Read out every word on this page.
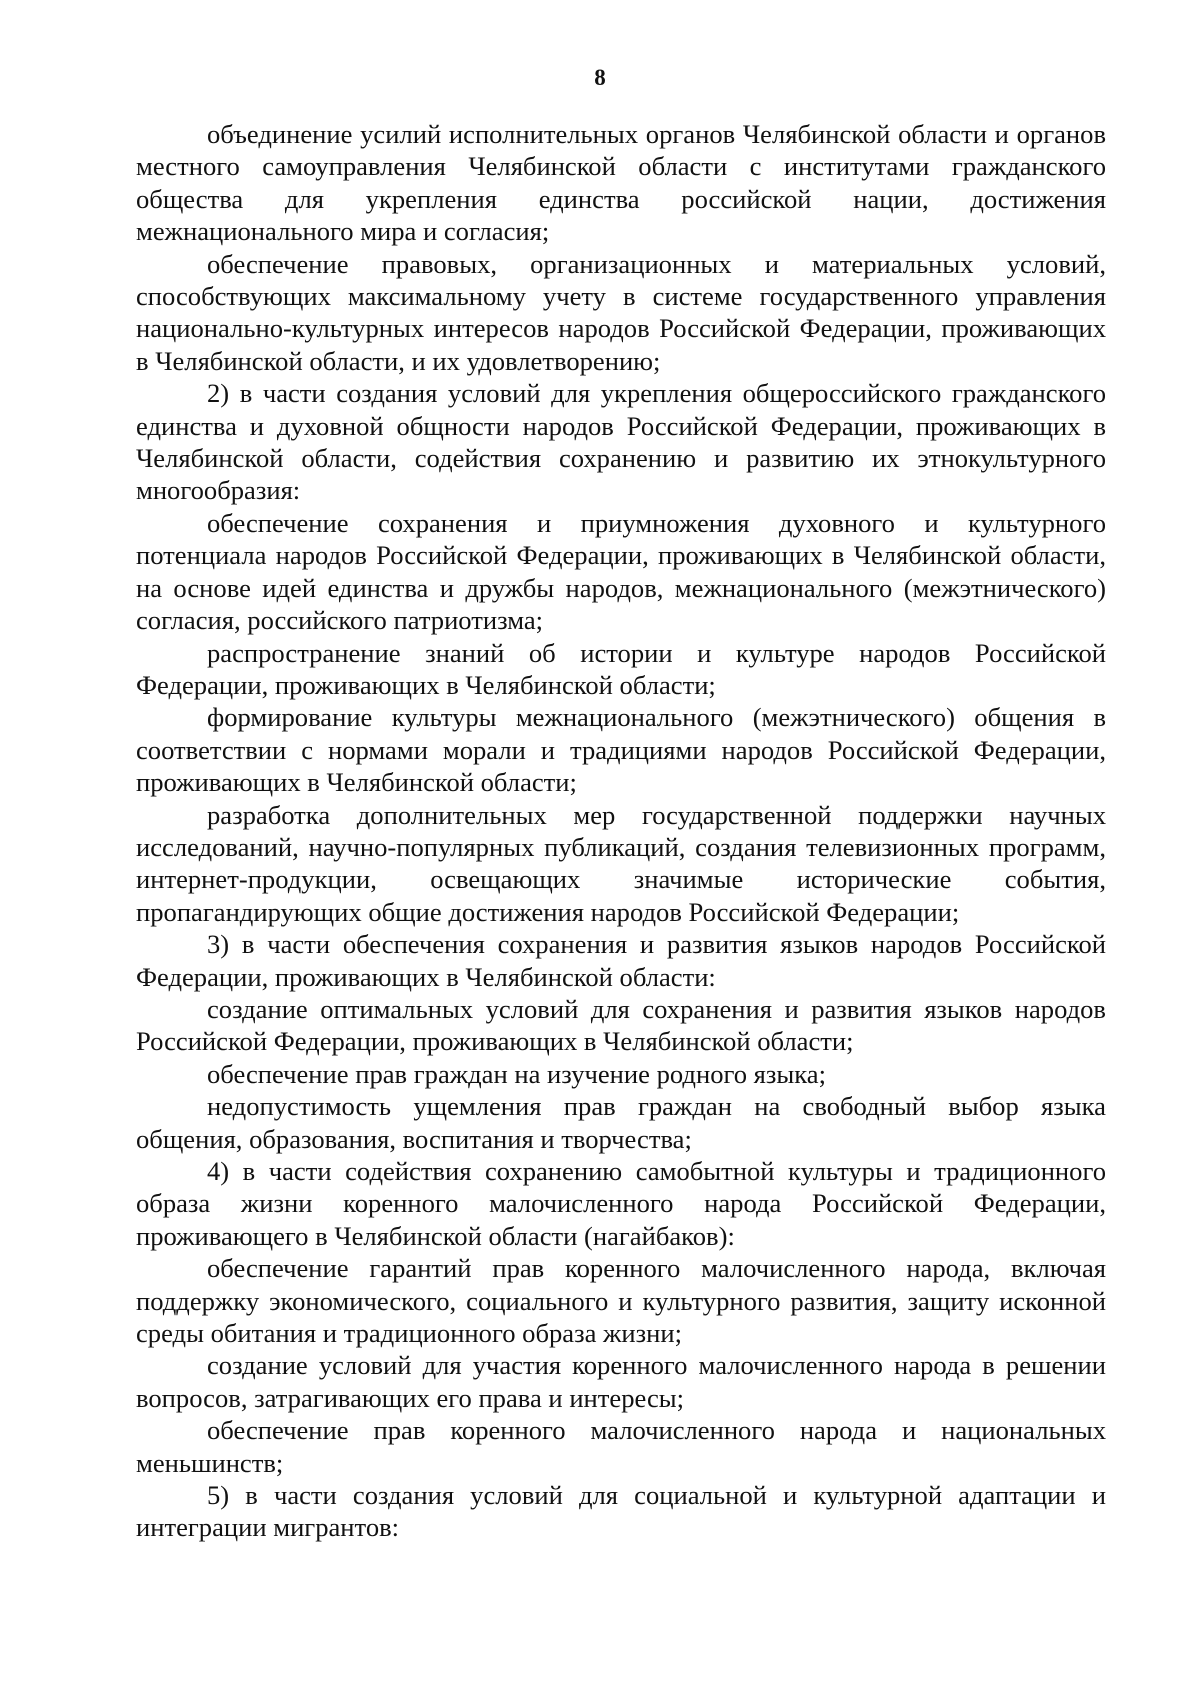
8

объединение усилий исполнительных органов Челябинской области и органов местного самоуправления Челябинской области с институтами гражданского общества для укрепления единства российской нации, достижения межнационального мира и согласия;

обеспечение правовых, организационных и материальных условий, способствующих максимальному учету в системе государственного управления национально-культурных интересов народов Российской Федерации, проживающих в Челябинской области, и их удовлетворению;

2) в части создания условий для укрепления общероссийского гражданского единства и духовной общности народов Российской Федерации, проживающих в Челябинской области, содействия сохранению и развитию их этнокультурного многообразия:

обеспечение сохранения и приумножения духовного и культурного потенциала народов Российской Федерации, проживающих в Челябинской области, на основе идей единства и дружбы народов, межнационального (межэтнического) согласия, российского патриотизма;

распространение знаний об истории и культуре народов Российской Федерации, проживающих в Челябинской области;

формирование культуры межнационального (межэтнического) общения в соответствии с нормами морали и традициями народов Российской Федерации, проживающих в Челябинской области;

разработка дополнительных мер государственной поддержки научных исследований, научно-популярных публикаций, создания телевизионных программ, интернет-продукции, освещающих значимые исторические события, пропагандирующих общие достижения народов Российской Федерации;

3) в части обеспечения сохранения и развития языков народов Российской Федерации, проживающих в Челябинской области:

создание оптимальных условий для сохранения и развития языков народов Российской Федерации, проживающих в Челябинской области;

обеспечение прав граждан на изучение родного языка;

недопустимость ущемления прав граждан на свободный выбор языка общения, образования, воспитания и творчества;

4) в части содействия сохранению самобытной культуры и традиционного образа жизни коренного малочисленного народа Российской Федерации, проживающего в Челябинской области (нагайбаков):

обеспечение гарантий прав коренного малочисленного народа, включая поддержку экономического, социального и культурного развития, защиту исконной среды обитания и традиционного образа жизни;

создание условий для участия коренного малочисленного народа в решении вопросов, затрагивающих его права и интересы;

обеспечение прав коренного малочисленного народа и национальных меньшинств;

5) в части создания условий для социальной и культурной адаптации и интеграции мигрантов:
